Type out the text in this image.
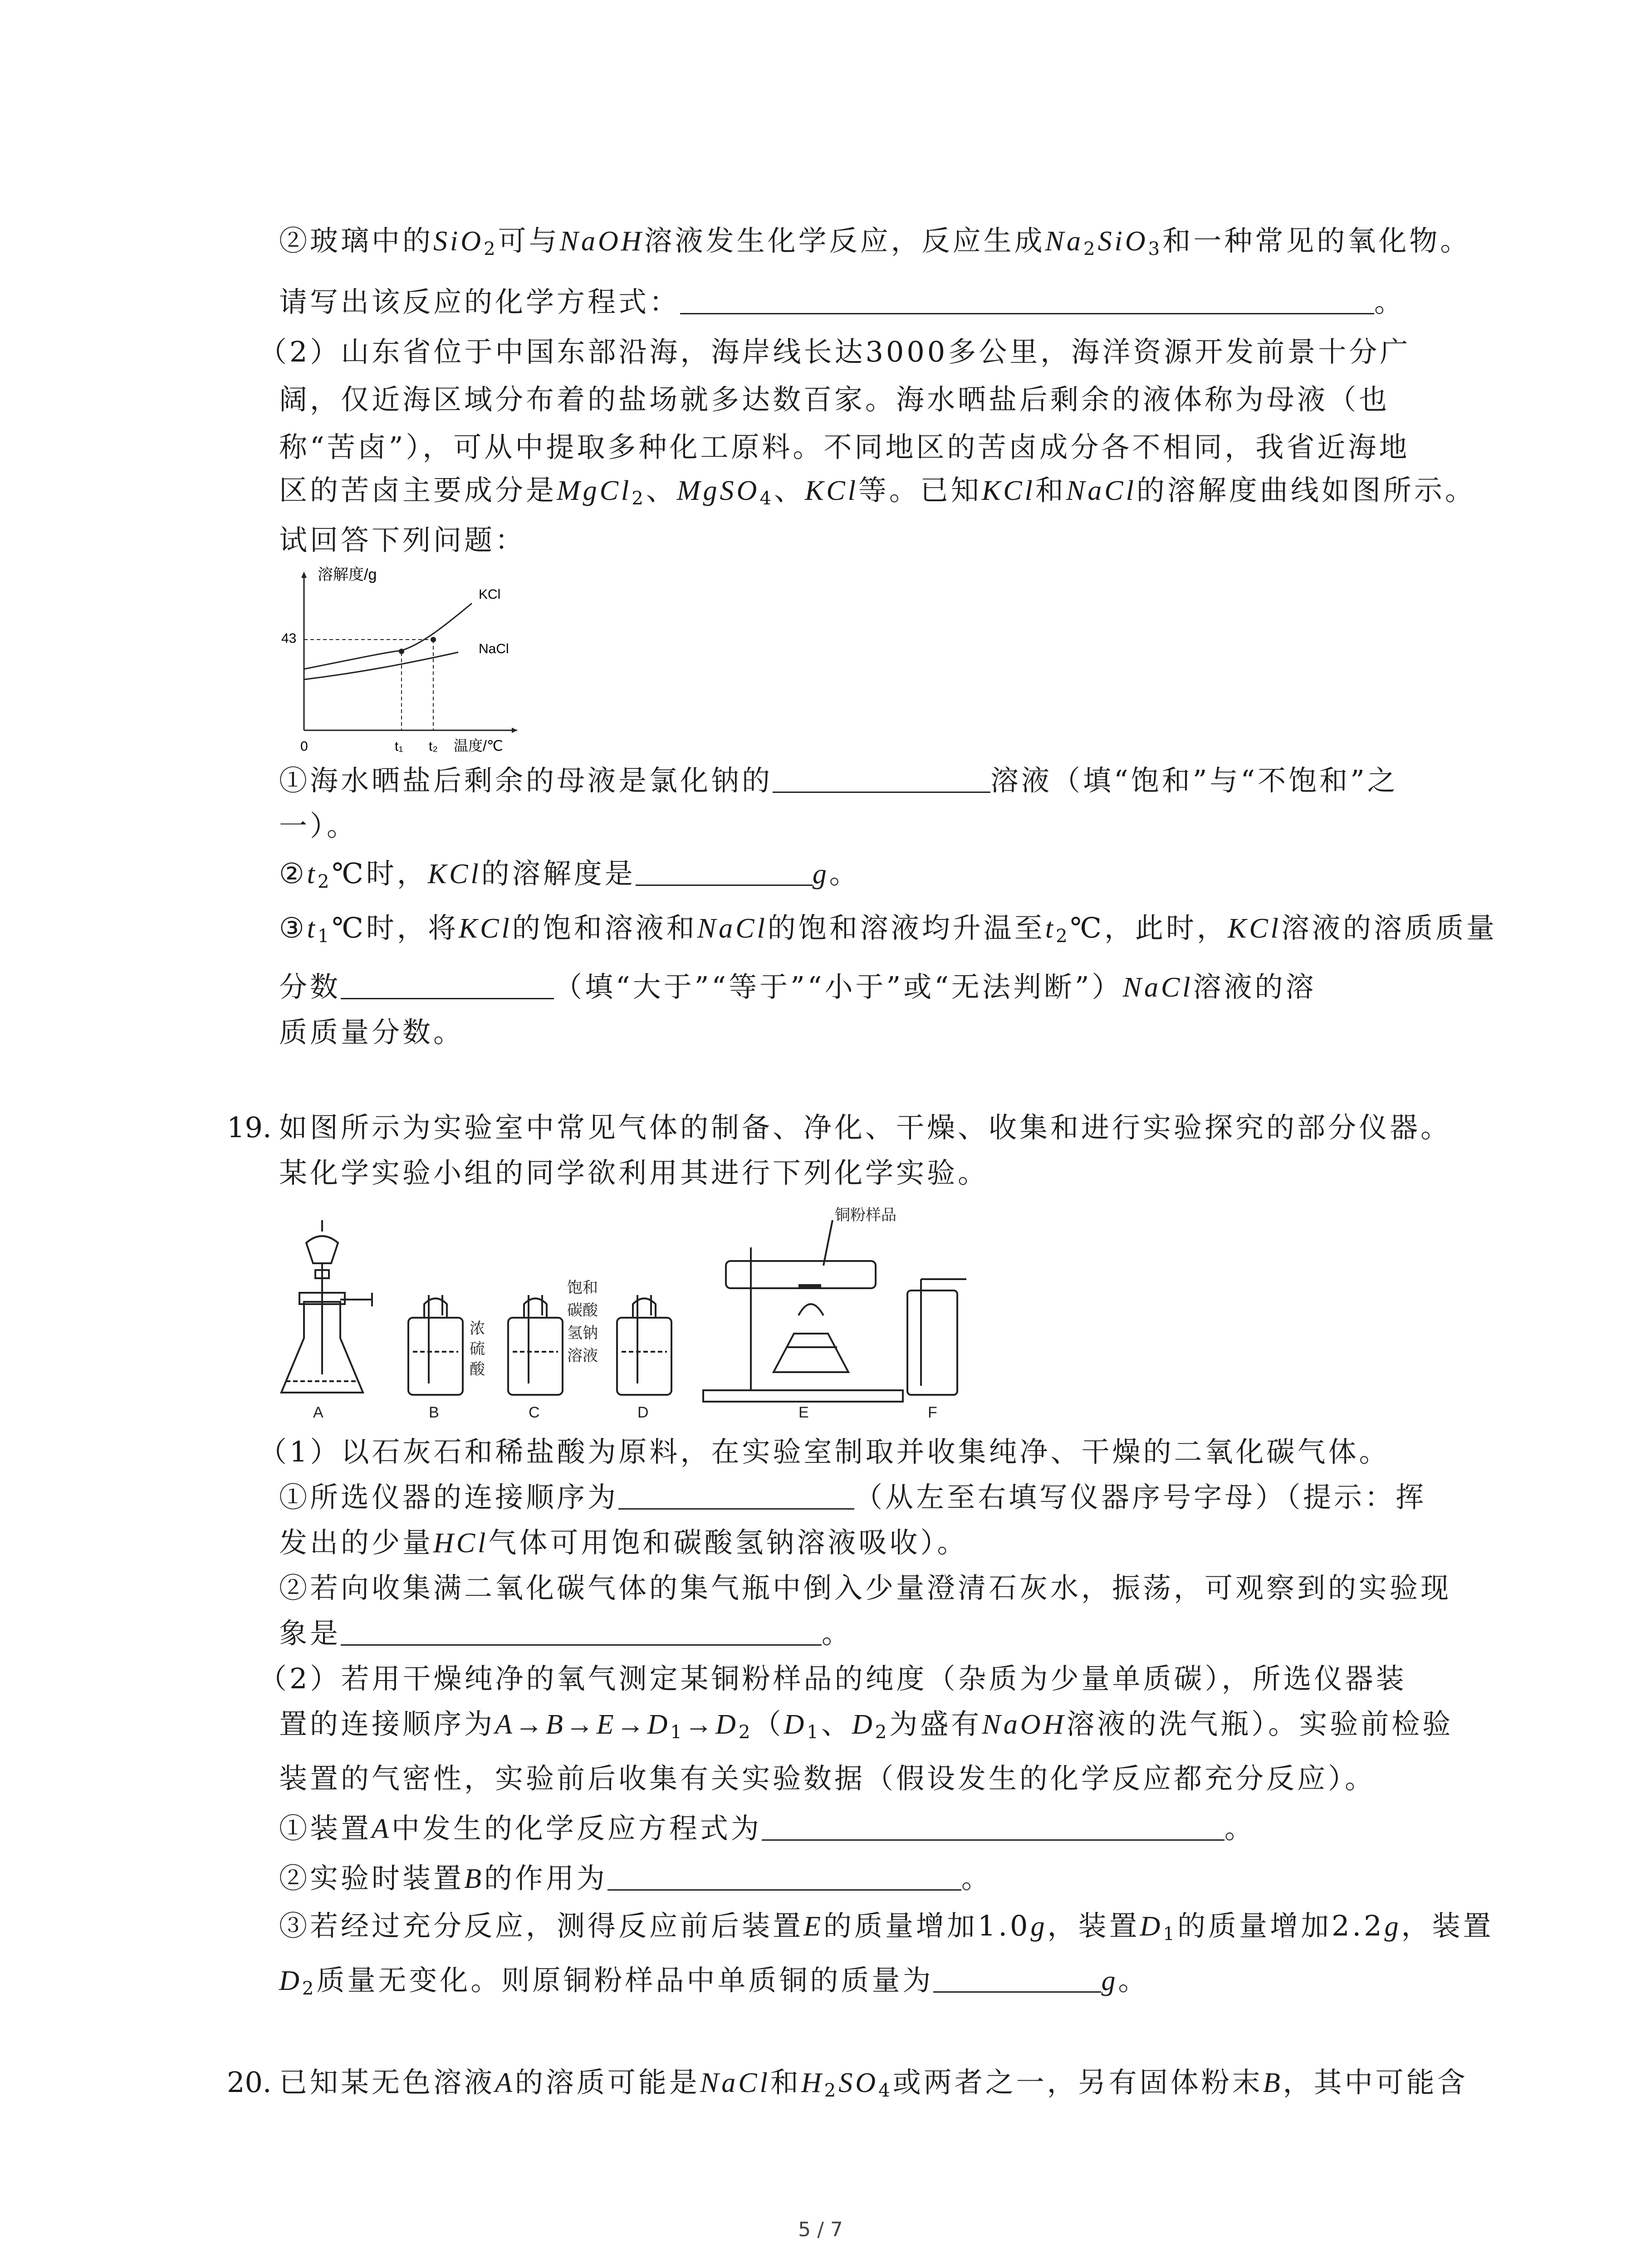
②玻璃中的SiO$_2$可与NaOH溶液发生化学反应，反应生成$Na_2SiO_3$和一种常见的氧化物。
请写出该反应的化学方程式：	。
（2）山东省位于中国东部沿海，海岸线长达3000多公里，海洋资源开发前景十分广
阔，仅近海区域分布着的盐场就多达数百家。海水晒盐后剩余的液体称为母液（也
称“苦卤”），可从中提取多种化工原料。不同地区的苦卤成分各不相同，我省近海地
区的苦卤主要成分是MgCl$_2$、MgSO$_4$、KCl等。已知KCl和NaCl的溶解度曲线如图所示。
试回答下列问题：
溶解度/g
43
0	t₁ t₂ 温度/℃
KCl
NaCl
①海水晒盐后剩余的母液是氯化钠的	溶液（填“饱和”与“不饱和”之
一）。
$②t_2℃$时，KCl的溶解度是	g。
$③t_1℃$时，将KCl的饱和溶液和NaCl的饱和溶液均升温至$t_2℃$，此时，KCl溶液的溶质质量
分数	（填“大于”“等于”“小于”或“无法判断”）NaCl溶液的溶
质质量分数。
19. 如图所示为实验室中常见气体的制备、净化、干燥、收集和进行实验探究的部分仪器。
某化学实验小组的同学欲利用其进行下列化学实验。
A	B	C	D	E	F
浓
硫
酸
饱和
碳酸
氢钠
溶液
铜粉样品
（1）以石灰石和稀盐酸为原料，在实验室制取并收集纯净、干燥的二氧化碳气体。
①所选仪器的连接顺序为	（从左至右填写仪器序号字母）（提示：挥
发出的少量HCl气体可用饱和碳酸氢钠溶液吸收）。
②若向收集满二氧化碳气体的集气瓶中倒入少量澄清石灰水，振荡，可观察到的实验现
象是	。
（2）若用干燥纯净的氧气测定某铜粉样品的纯度（杂质为少量单质碳），所选仪器装
置的连接顺序为$A\to B\to E\to D_1\to D_2(D_1$、$D_2$为盛有NaOH溶液的洗气瓶）。实验前检验
装置的气密性，实验前后收集有关实验数据（假设发生的化学反应都充分反应）。
①装置A中发生的化学反应方程式为	。
②实验时装置B的作用为	。
③若经过充分反应，测得反应前后装置E的质量增加1.0g，装置$D_1$的质量增加2.2g，装置
$D_2$质量无变化。则原铜粉样品中单质铜的质量为	g。
20. 已知某无色溶液A的溶质可能是NaCl和$H_2SO_4$或两者之一，另有固体粉末B，其中可能含
5 / 7
